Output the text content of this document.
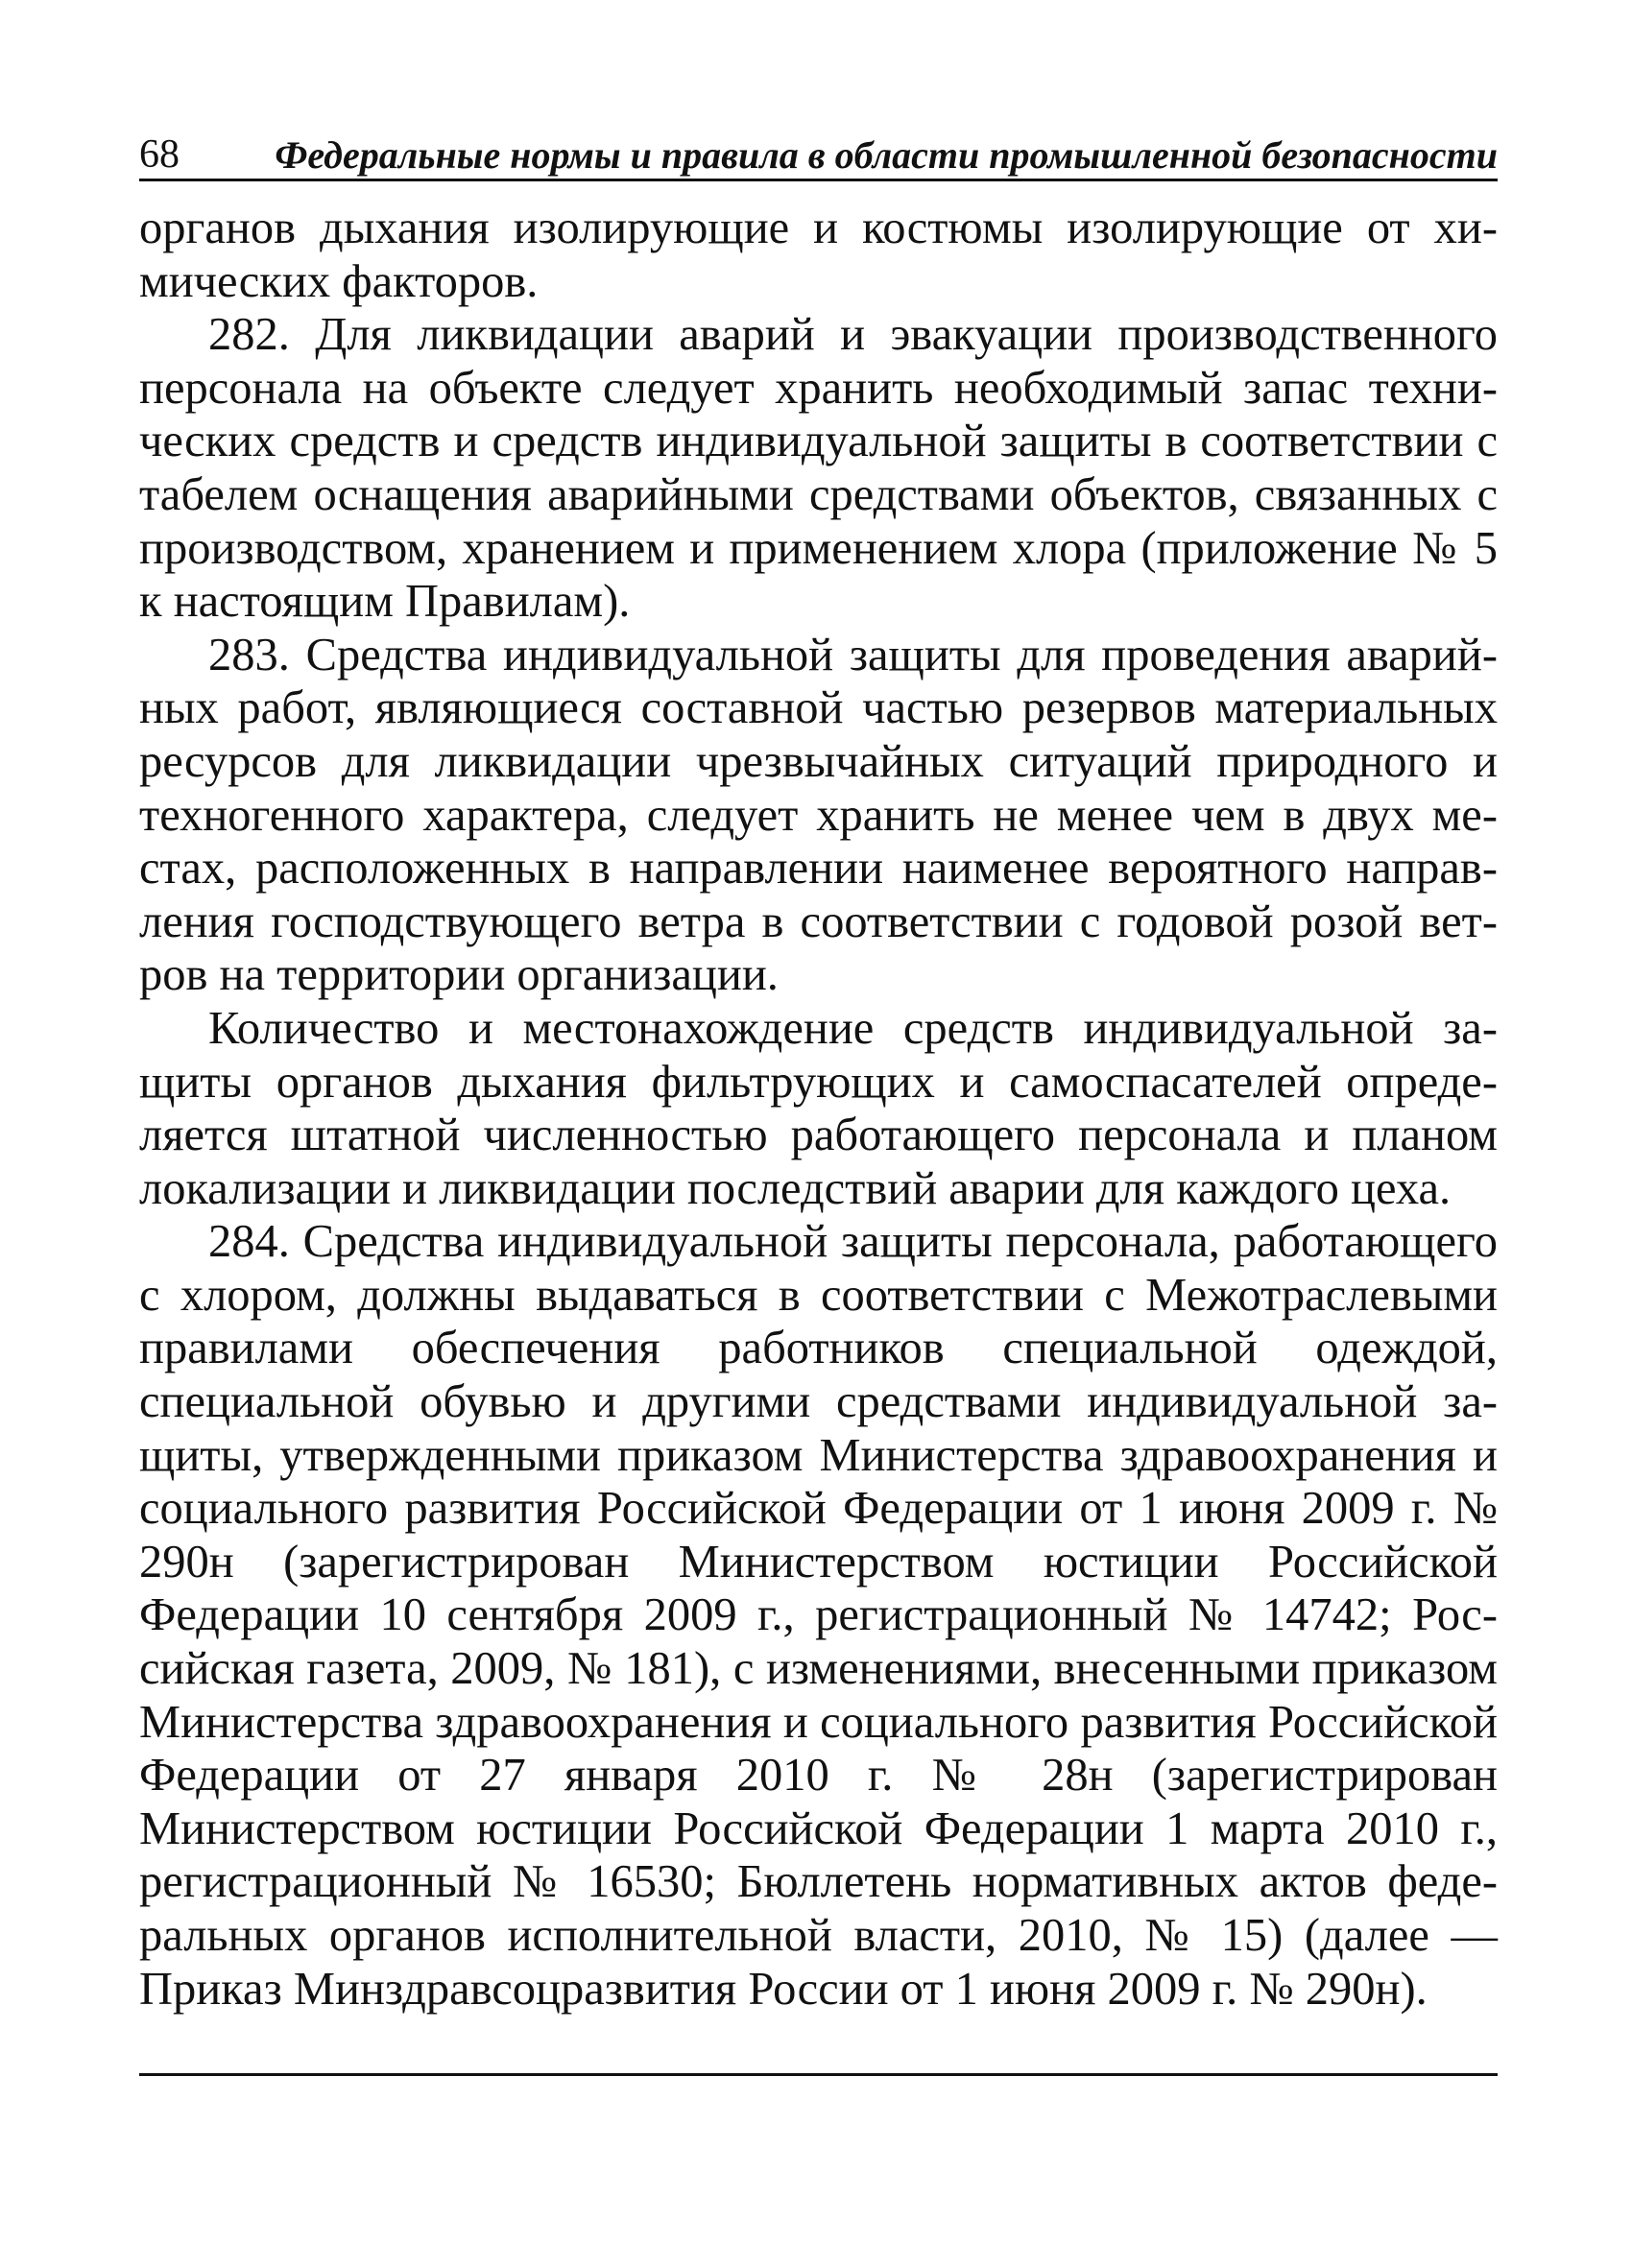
68 Федеральные нормы и правила в области промышленной безопасности

органов дыхания изолирующие и костюмы изолирующие от химических факторов.

282. Для ликвидации аварий и эвакуации производственного персонала на объекте следует хранить необходимый запас технических средств и средств индивидуальной защиты в соответствии с табелем оснащения аварийными средствами объектов, связанных с производством, хранением и применением хлора (приложение № 5 к настоящим Правилам).

283. Средства индивидуальной защиты для проведения аварийных работ, являющиеся составной частью резервов материальных ресурсов для ликвидации чрезвычайных ситуаций природного и техногенного характера, следует хранить не менее чем в двух местах, расположенных в направлении наименее вероятного направления господствующего ветра в соответствии с годовой розой ветров на территории организации.

Количество и местонахождение средств индивидуальной защиты органов дыхания фильтрующих и самоспасателей определяется штатной численностью работающего персонала и планом локализации и ликвидации последствий аварии для каждого цеха.

284. Средства индивидуальной защиты персонала, работающего с хлором, должны выдаваться в соответствии с Межотраслевыми правилами обеспечения работников специальной одеждой, специальной обувью и другими средствами индивидуальной защиты, утвержденными приказом Министерства здравоохранения и социального развития Российской Федерации от 1 июня 2009 г. № 290н (зарегистрирован Министерством юстиции Российской Федерации 10 сентября 2009 г., регистрационный № 14742; Российская газета, 2009, № 181), с изменениями, внесенными приказом Министерства здравоохранения и социального развития Российской Федерации от 27 января 2010 г. № 28н (зарегистрирован Министерством юстиции Российской Федерации 1 марта 2010 г., регистрационный № 16530; Бюллетень нормативных актов федеральных органов исполнительной власти, 2010, № 15) (далее — Приказ Минздравсоцразвития России от 1 июня 2009 г. № 290н).
